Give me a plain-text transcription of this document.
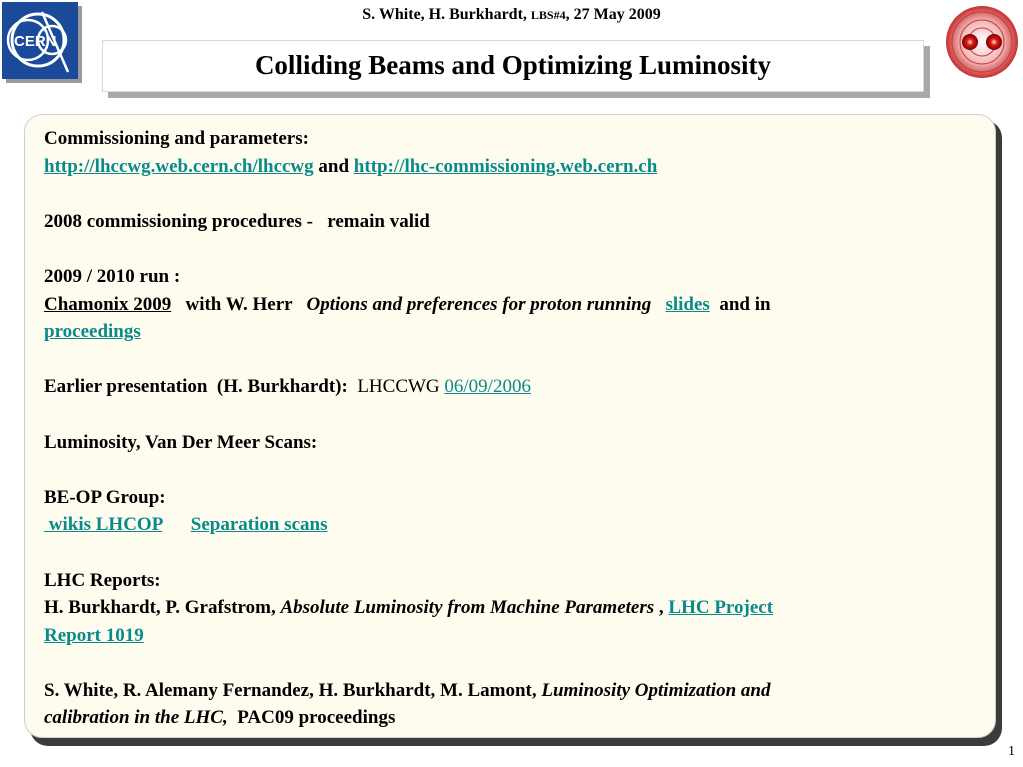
CERN
S. White, H. Burkhardt, LBS#4, 27 May 2009
Colliding Beams and Optimizing Luminosity
Commissioning and parameters:
http://lhccwg.web.cern.ch/lhccwg and http://lhc-commissioning.web.cern.ch
2008 commissioning procedures -   remain valid
2009 / 2010 run :
Chamonix 2009   with W. Herr   Options and preferences for proton running slides  and in
proceedings
Earlier presentation  (H. Burkhardt):  LHCCWG 06/09/2006
Luminosity, Van Der Meer Scans:
BE-OP Group:
wikis LHCOP Separation scans
LHC Reports:
H. Burkhardt, P. Grafstrom, Absolute Luminosity from Machine Parameters , LHC Project
Report 1019
S. White, R. Alemany Fernandez, H. Burkhardt, M. Lamont, Luminosity Optimization and
calibration in the LHC,  PAC09 proceedings
1
